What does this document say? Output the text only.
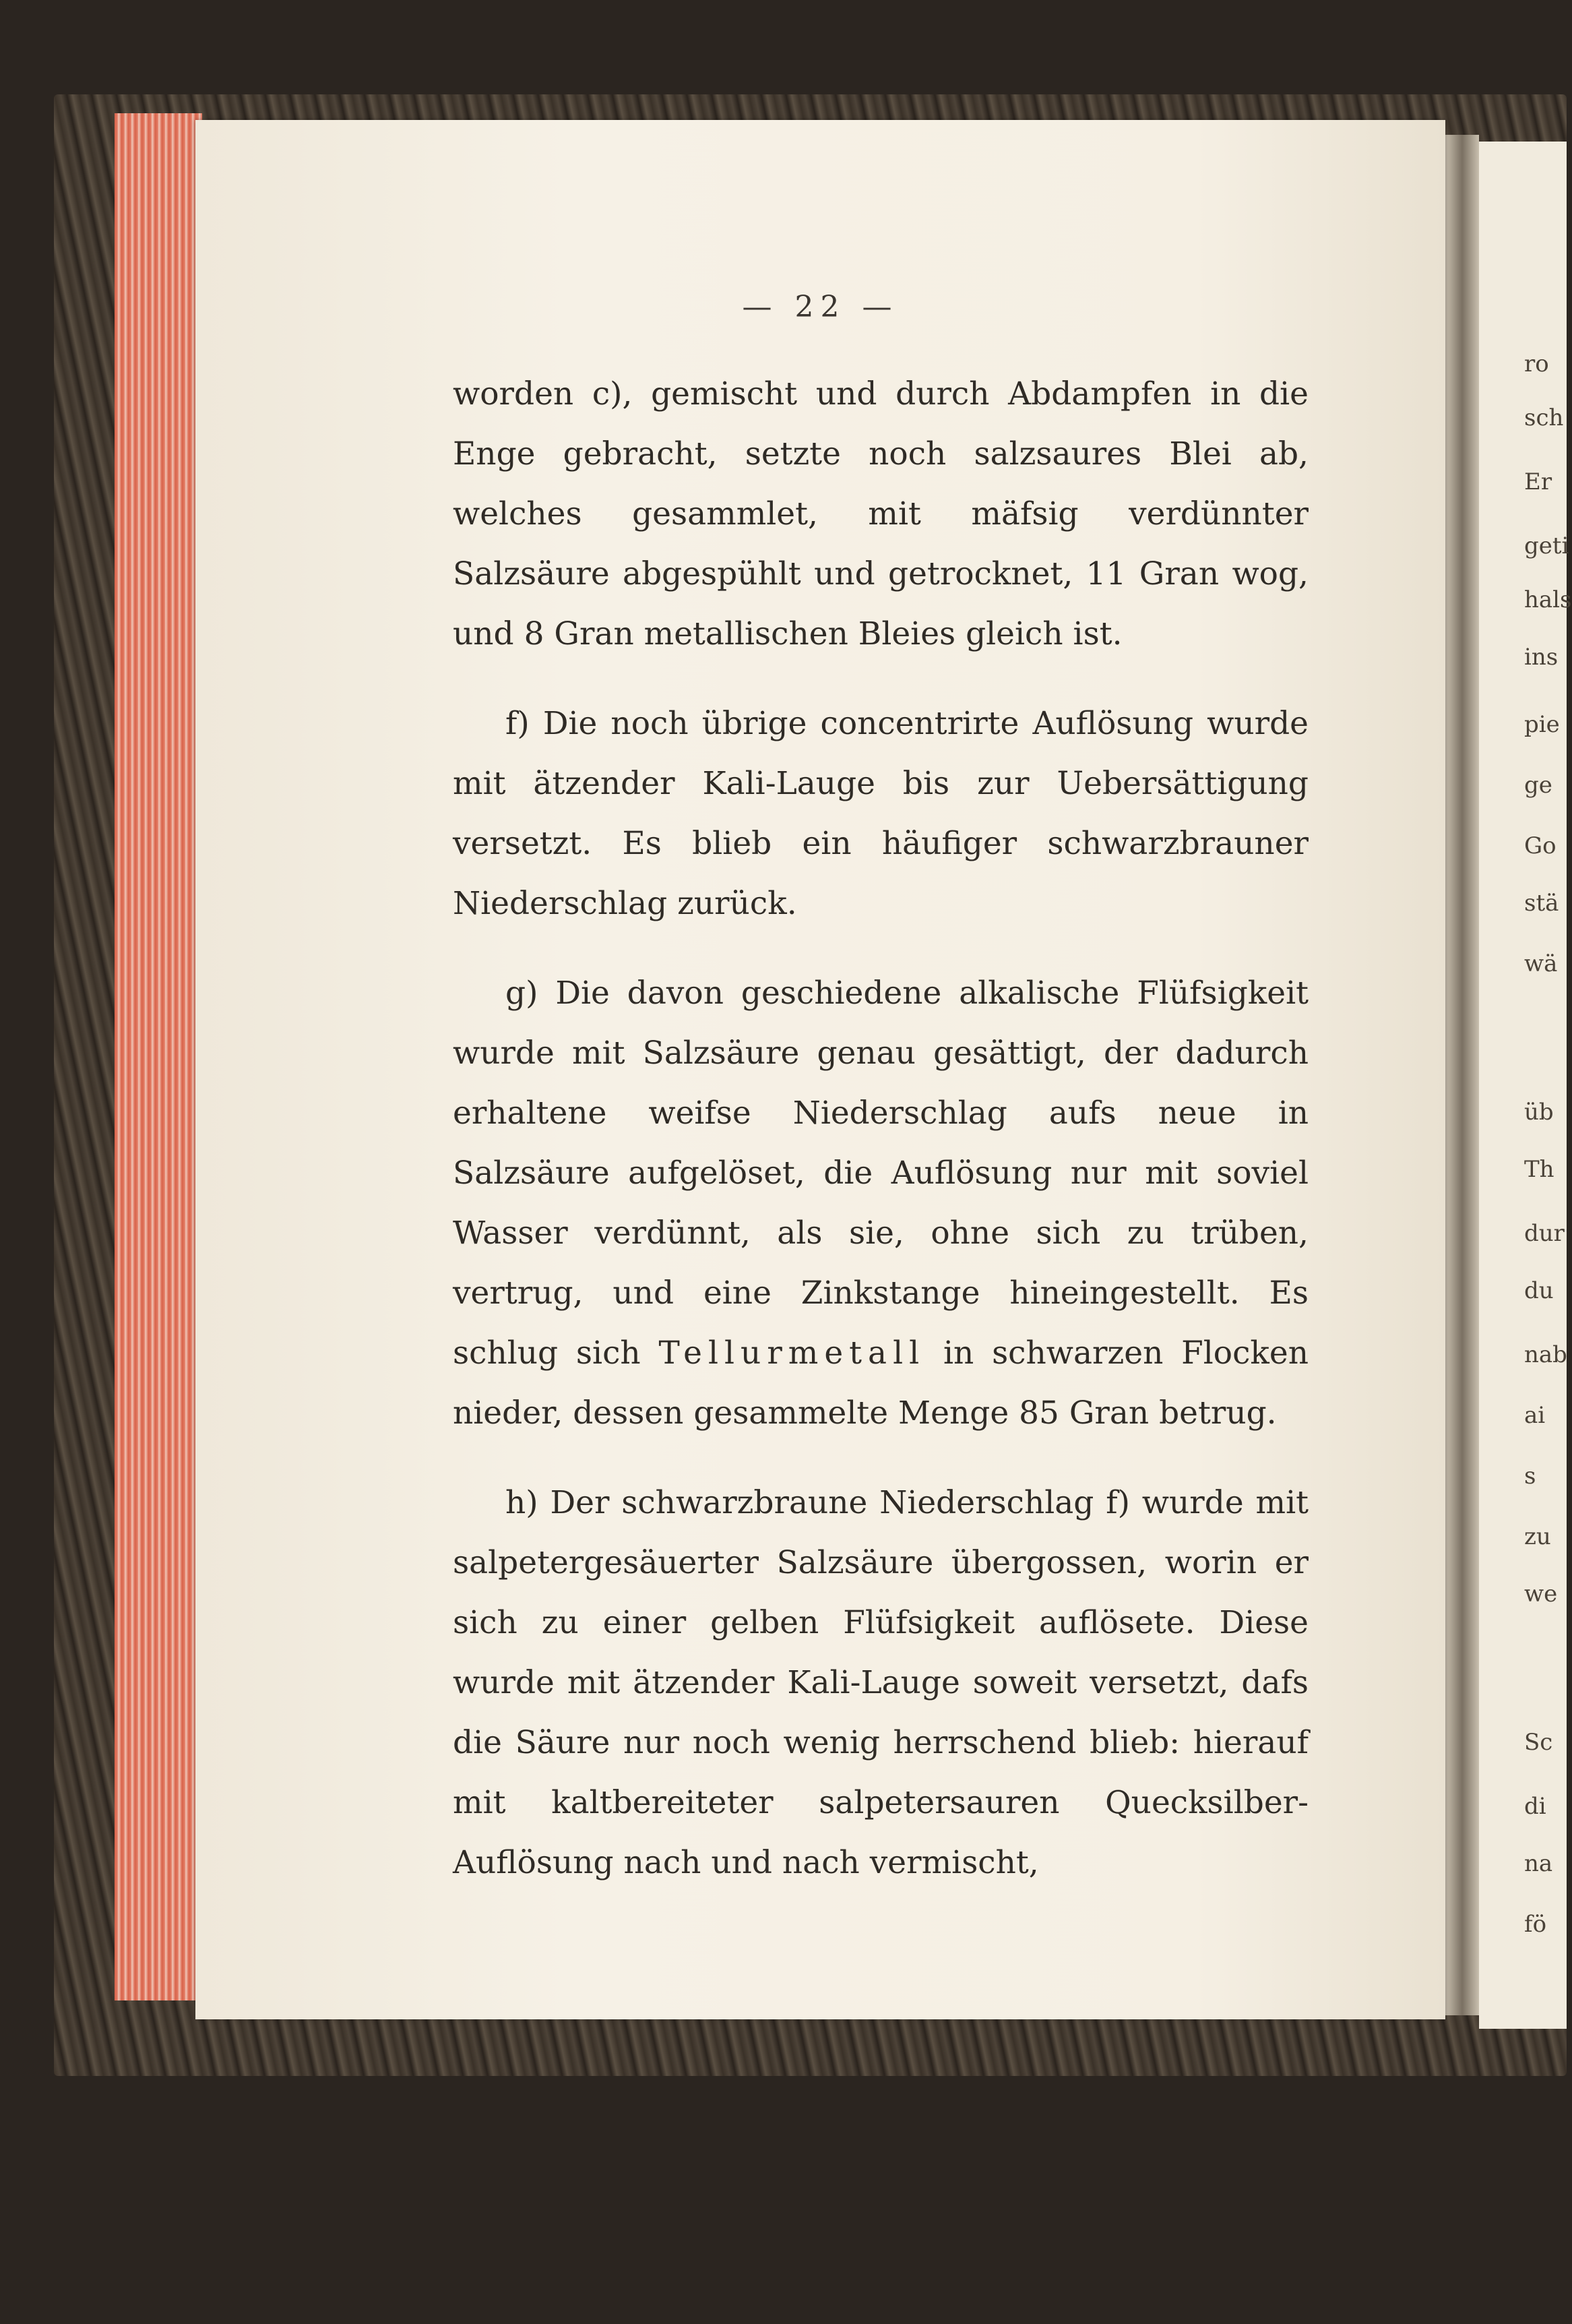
— 22 —

worden c), gemischt und durch Abdampfen in die Enge gebracht, setzte noch salzsaures Blei ab, welches gesammlet, mit mäfsig verdünnter Salzsäure abgespühlt und getrocknet, 11 Gran wog, und 8 Gran metallischen Bleies gleich ist.

f) Die noch übrige concentrirte Auflösung wurde mit ätzender Kali-Lauge bis zur Uebersättigung versetzt. Es blieb ein häufiger schwarzbrauner Niederschlag zurück.

g) Die davon geschiedene alkalische Flüfsigkeit wurde mit Salzsäure genau gesättigt, der dadurch erhaltene weifse Niederschlag aufs neue in Salzsäure aufgelöset, die Auflösung nur mit soviel Wasser verdünnt, als sie, ohne sich zu trüben, vertrug, und eine Zinkstange hineingestellt. Es schlug sich Tellurmetall in schwarzen Flocken nieder, dessen gesammelte Menge 85 Gran betrug.

h) Der schwarzbraune Niederschlag f) wurde mit salpetergesäuerter Salzsäure übergossen, worin er sich zu einer gelben Flüfsigkeit auflösete. Diese wurde mit ätzender Kali-Lauge soweit versetzt, dafs die Säure nur noch wenig herrschend blieb: hierauf mit kaltbereiteter salpetersauren Quecksilber-Auflösung nach und nach vermischt,

ro
sch
Er
geti
hals
ins
pie
ge
Go
stä
wä
üb
Th
dur
du
nab
ai
s
zu
we
Sc
di
na
fö
